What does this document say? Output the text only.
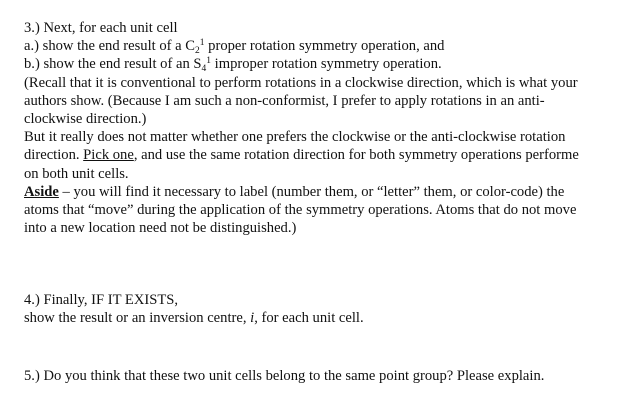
3.) Next, for each unit cell
a.) show the end result of a $C_2^1$ proper rotation symmetry operation, and
b.) show the end result of an $S_4^1$ improper rotation symmetry operation.
(Recall that it is conventional to perform rotations in a clockwise direction, which is what your
authors show. (Because I am such a non-conformist, I prefer to apply rotations in an anti-
clockwise direction.)
But it really does not matter whether one prefers the clockwise or the anti-clockwise rotation
direction. Pick one, and use the same rotation direction for both symmetry operations performe
on both unit cells.
Aside – you will find it necessary to label (number them, or “letter” them, or color-code) the
atoms that “move” during the application of the symmetry operations. Atoms that do not move
into a new location need not be distinguished.)
4.) Finally, IF IT EXISTS,
show the result or an inversion centre, i, for each unit cell.
5.) Do you think that these two unit cells belong to the same point group? Please explain.
